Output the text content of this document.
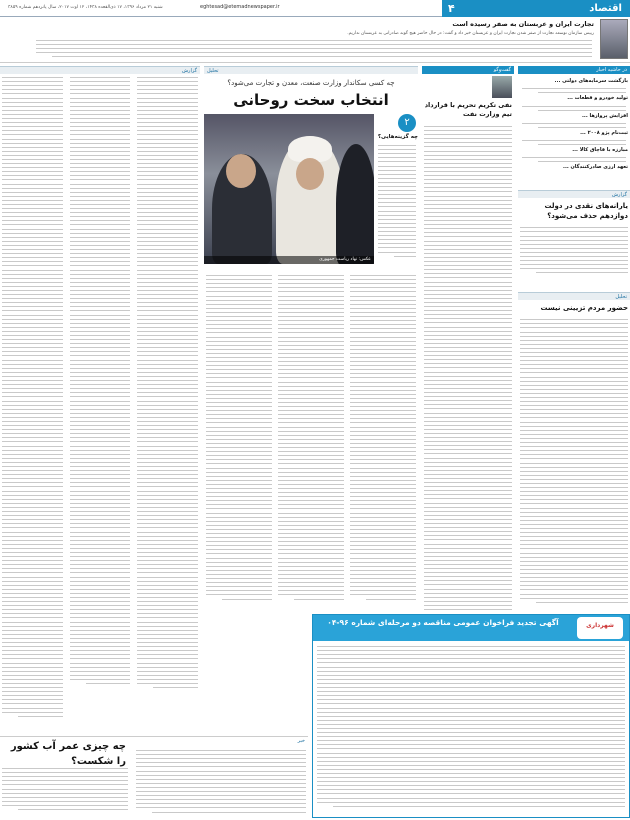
اقتصاد
۴
eghtesad@etemadnewspaper.ir
شنبه ۲۱ مرداد ۱۳۹۶، ۱۷ ذی‌القعده ۱۴۳۸، ۱۲ اوت ۲۰۱۷، سال پانزدهم شماره ۳۸۵۹
تجارت ایران و عربستان به صفر رسیده است
رییس سازمان توسعه تجارت از صفر شدن تجارت ایران و عربستان خبر داد و گفت: در حال حاضر هیچ گونه صادراتی به عربستان نداریم.
در حاشیه اخبار
بازگشت سرمایه‌های دولتی ...
تولید خودرو و قطعات ...
افزایش پروازها ...
ثبت‌نام پژو ۲۰۰۸ ...
مبارزه با قاچاق کالا ...
تعهد ارزی صادرکنندگان ...
گزارش
یارانه‌های نقدی در دولت دوازدهم حذف می‌شود؟
تحلیل
حضور مردم تزیینی نیست
گفت‌وگو
نفی تکریم تحریم با قرارداد تیم وزارت نفت
تحلیل
چه کسی سکاندار وزارت صنعت، معدن و تجارت می‌شود؟
انتخاب سخت روحانی
عکس: نهاد ریاست جمهوری
۲
چه گزینه‌هایی؟
گزارش
شهرداری
آگهی تجدید فراخوان عمومی مناقصه دو مرحله‌ای شماره ۹۶-۰۴
خبر
چه چیزی عمر آب کشور را شکست؟
